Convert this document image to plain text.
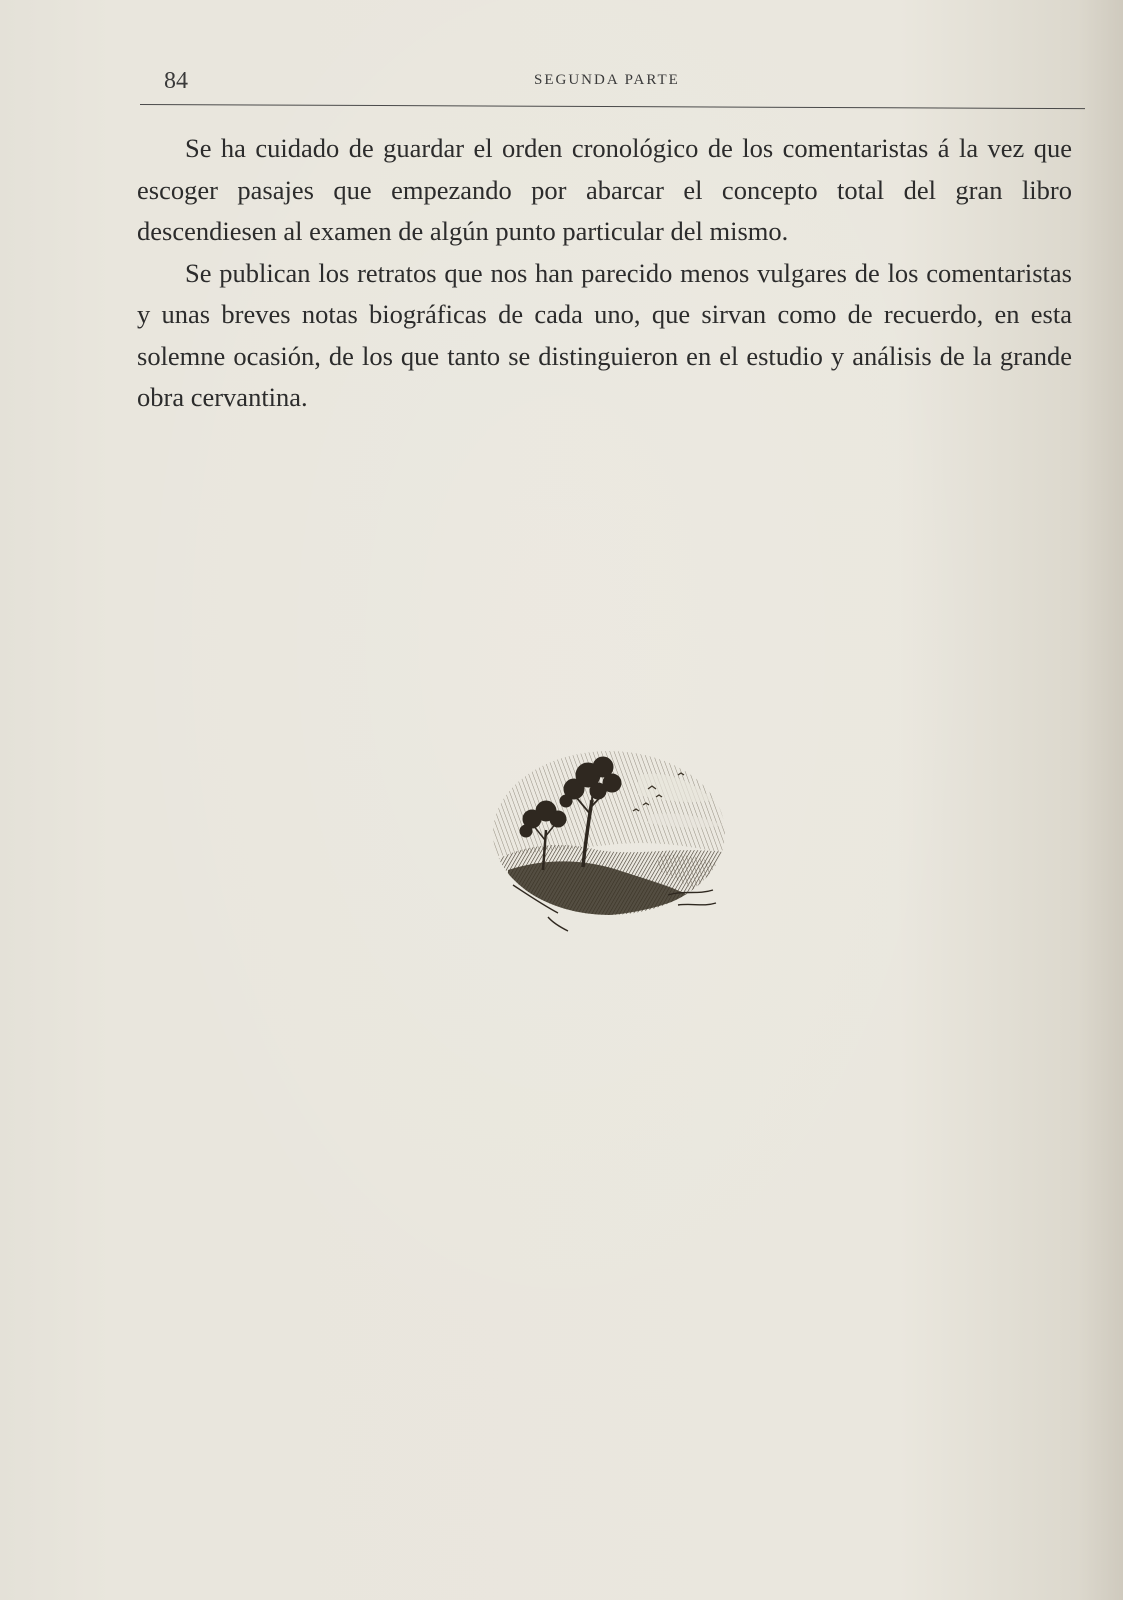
84	SEGUNDA PARTE

Se ha cuidado de guardar el orden cronológico de los comentaristas á la vez que escoger pasajes que empezando por abarcar el concepto total del gran libro descendiesen al examen de algún punto particular del mismo.

Se publican los retratos que nos han parecido menos vulgares de los comentaristas y unas breves notas biográficas de cada uno, que sirvan como de recuerdo, en esta solemne ocasión, de los que tanto se distinguieron en el estudio y análisis de la grande obra cervantina.
